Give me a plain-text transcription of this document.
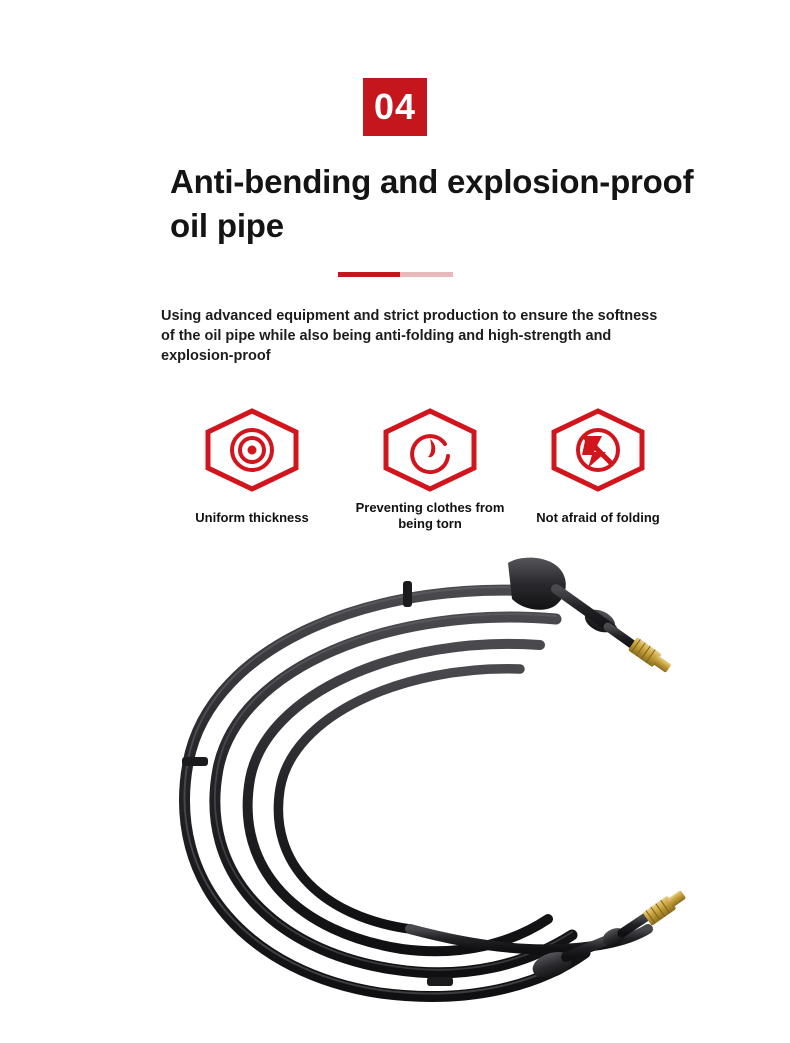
04
Anti-bending and explosion-proof oil pipe
Using advanced equipment and strict production to ensure the softness of the oil pipe while also being anti-folding and high-strength and explosion-proof
Uniform thickness
Preventing clothes from being torn	Not afraid of folding
